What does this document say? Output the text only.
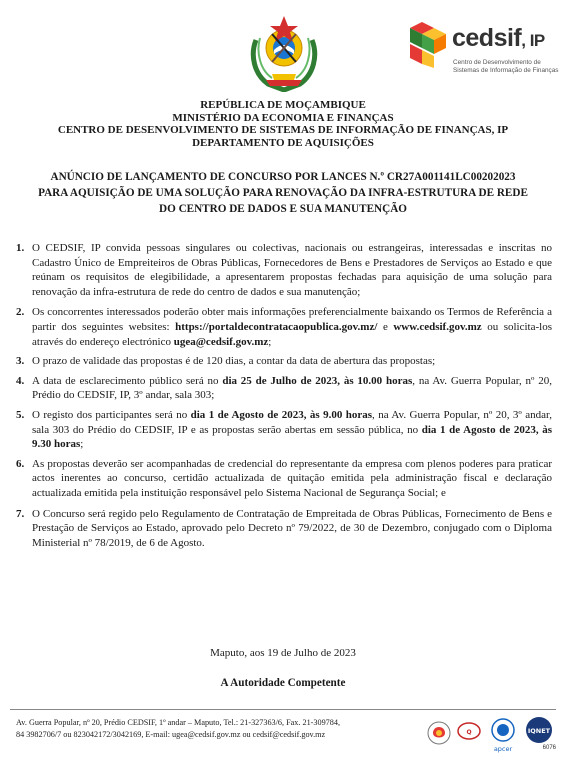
cedsif, IP
Centro de Desenvolvimento de
Sistemas de Informação de Finanças
REPÚBLICA DE MOÇAMBIQUE
MINISTÉRIO DA ECONOMIA E FINANÇAS
CENTRO DE DESENVOLVIMENTO DE SISTEMAS DE INFORMAÇÃO DE FINANÇAS, IP
DEPARTAMENTO DE AQUISIÇÕES
ANÚNCIO DE LANÇAMENTO DE CONCURSO POR LANCES N.º CR27A001141LC00202023
PARA AQUISIÇÃO DE UMA SOLUÇÃO PARA RENOVAÇÃO DA INFRA-ESTRUTURA DE REDE
DO CENTRO DE DADOS E SUA MANUTENÇÃO
1. O CEDSIF, IP convida pessoas singulares ou colectivas, nacionais ou estrangeiras, interessadas e inscritas no Cadastro Único de Empreiteiros de Obras Públicas, Fornecedores de Bens e Prestadores de Serviços ao Estado e que reúnam os requisitos de elegibilidade, a apresentarem propostas fechadas para aquisição de uma solução para renovação da infra-estrutura de rede do centro de dados e sua manutenção;
2. Os concorrentes interessados poderão obter mais informações preferencialmente baixando os Termos de Referência a partir dos seguintes websites: https://portaldecontratacaopublica.gov.mz/ e www.cedsif.gov.mz ou solicita-los através do endereço electrónico ugea@cedsif.gov.mz;
3. O prazo de validade das propostas é de 120 dias, a contar da data de abertura das propostas;
4. A data de esclarecimento público será no dia 25 de Julho de 2023, às 10.00 horas, na Av. Guerra Popular, nº 20, Prédio do CEDSIF, IP, 3º andar, sala 303;
5. O registo dos participantes será no dia 1 de Agosto de 2023, às 9.00 horas, na Av. Guerra Popular, nº 20, 3º andar, sala 303 do Prédio do CEDSIF, IP e as propostas serão abertas em sessão pública, no dia 1 de Agosto de 2023, às 9.30 horas;
6. As propostas deverão ser acompanhadas de credencial do representante da empresa com plenos poderes para praticar actos inerentes ao concurso, certidão actualizada de quitação emitida pela administração fiscal e declaração actualizada emitida pela instituição responsável pelo Sistema Nacional de Segurança Social; e
7. O Concurso será regido pelo Regulamento de Contratação de Empreitada de Obras Públicas, Fornecimento de Bens e Prestação de Serviços ao Estado, aprovado pelo Decreto nº 79/2022, de 30 de Dezembro, conjugado com o Diploma Ministerial nº 78/2019, de 6 de Agosto.
Maputo, aos 19 de Julho de 2023
A Autoridade Competente
Av. Guerra Popular, nº 20, Prédio CEDSIF, 1º andar – Maputo, Tel.: 21-327363/6, Fax. 21-309784,
84 3982706/7 ou 823042172/3042169, E-mail: ugea@cedsif.gov.mz ou cedsif@cedsif.gov.mz	Q
apcer
IQNET
6076
